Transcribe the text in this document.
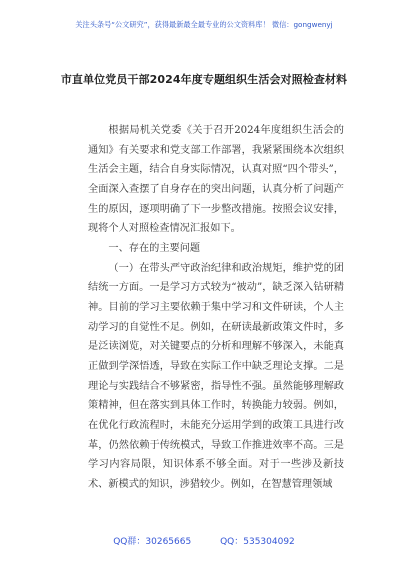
关注头条号“公文研究”，获得最新最全最专业的公文资料库！ 微信：gongwenyj
市直单位党员干部2024年度专题组织生活会对照检查材料

根据局机关党委《关于召开2024年度组织生活会的通知》有关要求和党支部工作部署，我紧紧围绕本次组织生活会主题，结合自身实际情况，认真对照“四个带头”，全面深入查摆了自身存在的突出问题，认真分析了问题产生的原因，逐项明确了下一步整改措施。按照会议安排，现将个人对照检查情况汇报如下。

一、存在的主要问题

（一）在带头严守政治纪律和政治规矩，维护党的团结统一方面。一是学习方式较为“被动”，缺乏深入钻研精神。目前的学习主要依赖于集中学习和文件研读，个人主动学习的自觉性不足。例如，在研读最新政策文件时，多是泛读浏览，对关键要点的分析和理解不够深入，未能真正做到学深悟透，导致在实际工作中缺乏理论支撑。二是理论与实践结合不够紧密，指导性不强。虽然能够理解政策精神，但在落实到具体工作时，转换能力较弱。例如，在优化行政流程时，未能充分运用学到的政策工具进行改革，仍然依赖于传统模式，导致工作推进效率不高。三是学习内容局限，知识体系不够全面。对于一些涉及新技术、新模式的知识，涉猎较少。例如，在智慧管理领域

QQ群：30265665	QQ：535304092
